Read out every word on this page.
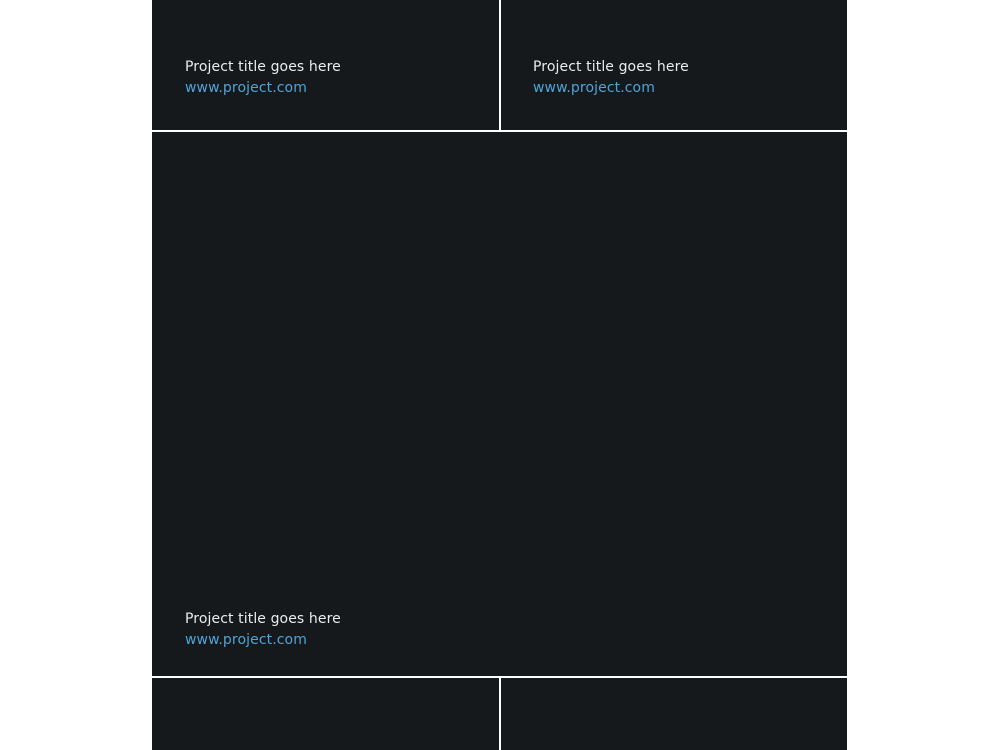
Project title goes here
www.project.com
Project title goes here
www.project.com
Project title goes here
www.project.com
